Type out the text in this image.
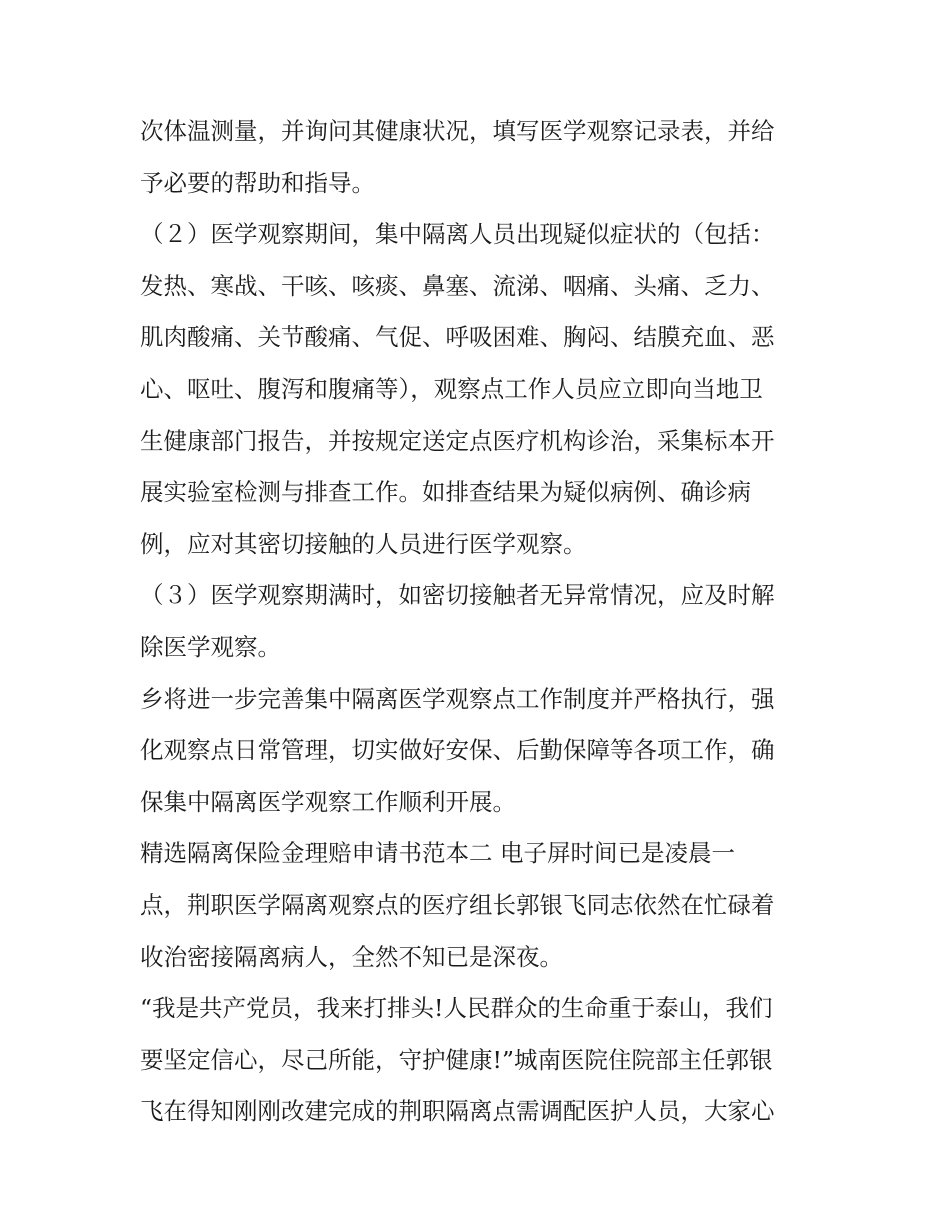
次体温测量，并询问其健康状况，填写医学观察记录表，并给
予必要的帮助和指导。
（２）医学观察期间，集中隔离人员出现疑似症状的（包括：
发热、寒战、干咳、咳痰、鼻塞、流涕、咽痛、头痛、乏力、
肌肉酸痛、关节酸痛、气促、呼吸困难、胸闷、结膜充血、恶
心、呕吐、腹泻和腹痛等），观察点工作人员应立即向当地卫
生健康部门报告，并按规定送定点医疗机构诊治，采集标本开
展实验室检测与排查工作。如排查结果为疑似病例、确诊病
例，应对其密切接触的人员进行医学观察。
（３）医学观察期满时，如密切接触者无异常情况，应及时解
除医学观察。
乡将进一步完善集中隔离医学观察点工作制度并严格执行，强
化观察点日常管理，切实做好安保、后勤保障等各项工作，确
保集中隔离医学观察工作顺利开展。
精选隔离保险金理赔申请书范本二 电子屏时间已是凌晨一
点，荆职医学隔离观察点的医疗组长郭银飞同志依然在忙碌着
收治密接隔离病人，全然不知已是深夜。
“我是共产党员，我来打排头!人民群众的生命重于泰山，我们
要坚定信心，尽己所能，守护健康!”城南医院住院部主任郭银
飞在得知刚刚改建完成的荆职隔离点需调配医护人员，大家心
